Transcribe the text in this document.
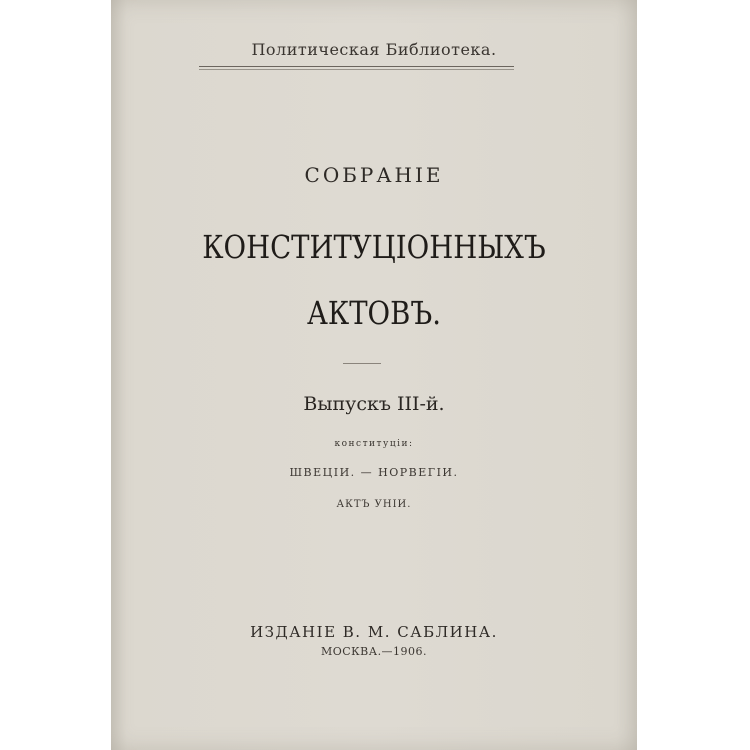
Политическая Библиотека.
СОБРАНІЕ
КОНСТИТУЦІОННЫХЪ
АКТОВЪ.
Выпускъ III-й.
конституціи:
ШВЕЦІИ. — НОРВЕГІИ.
АКТЪ УНІИ.
ИЗДАНІЕ В. М. САБЛИНА.
МОСКВА.—1906.
